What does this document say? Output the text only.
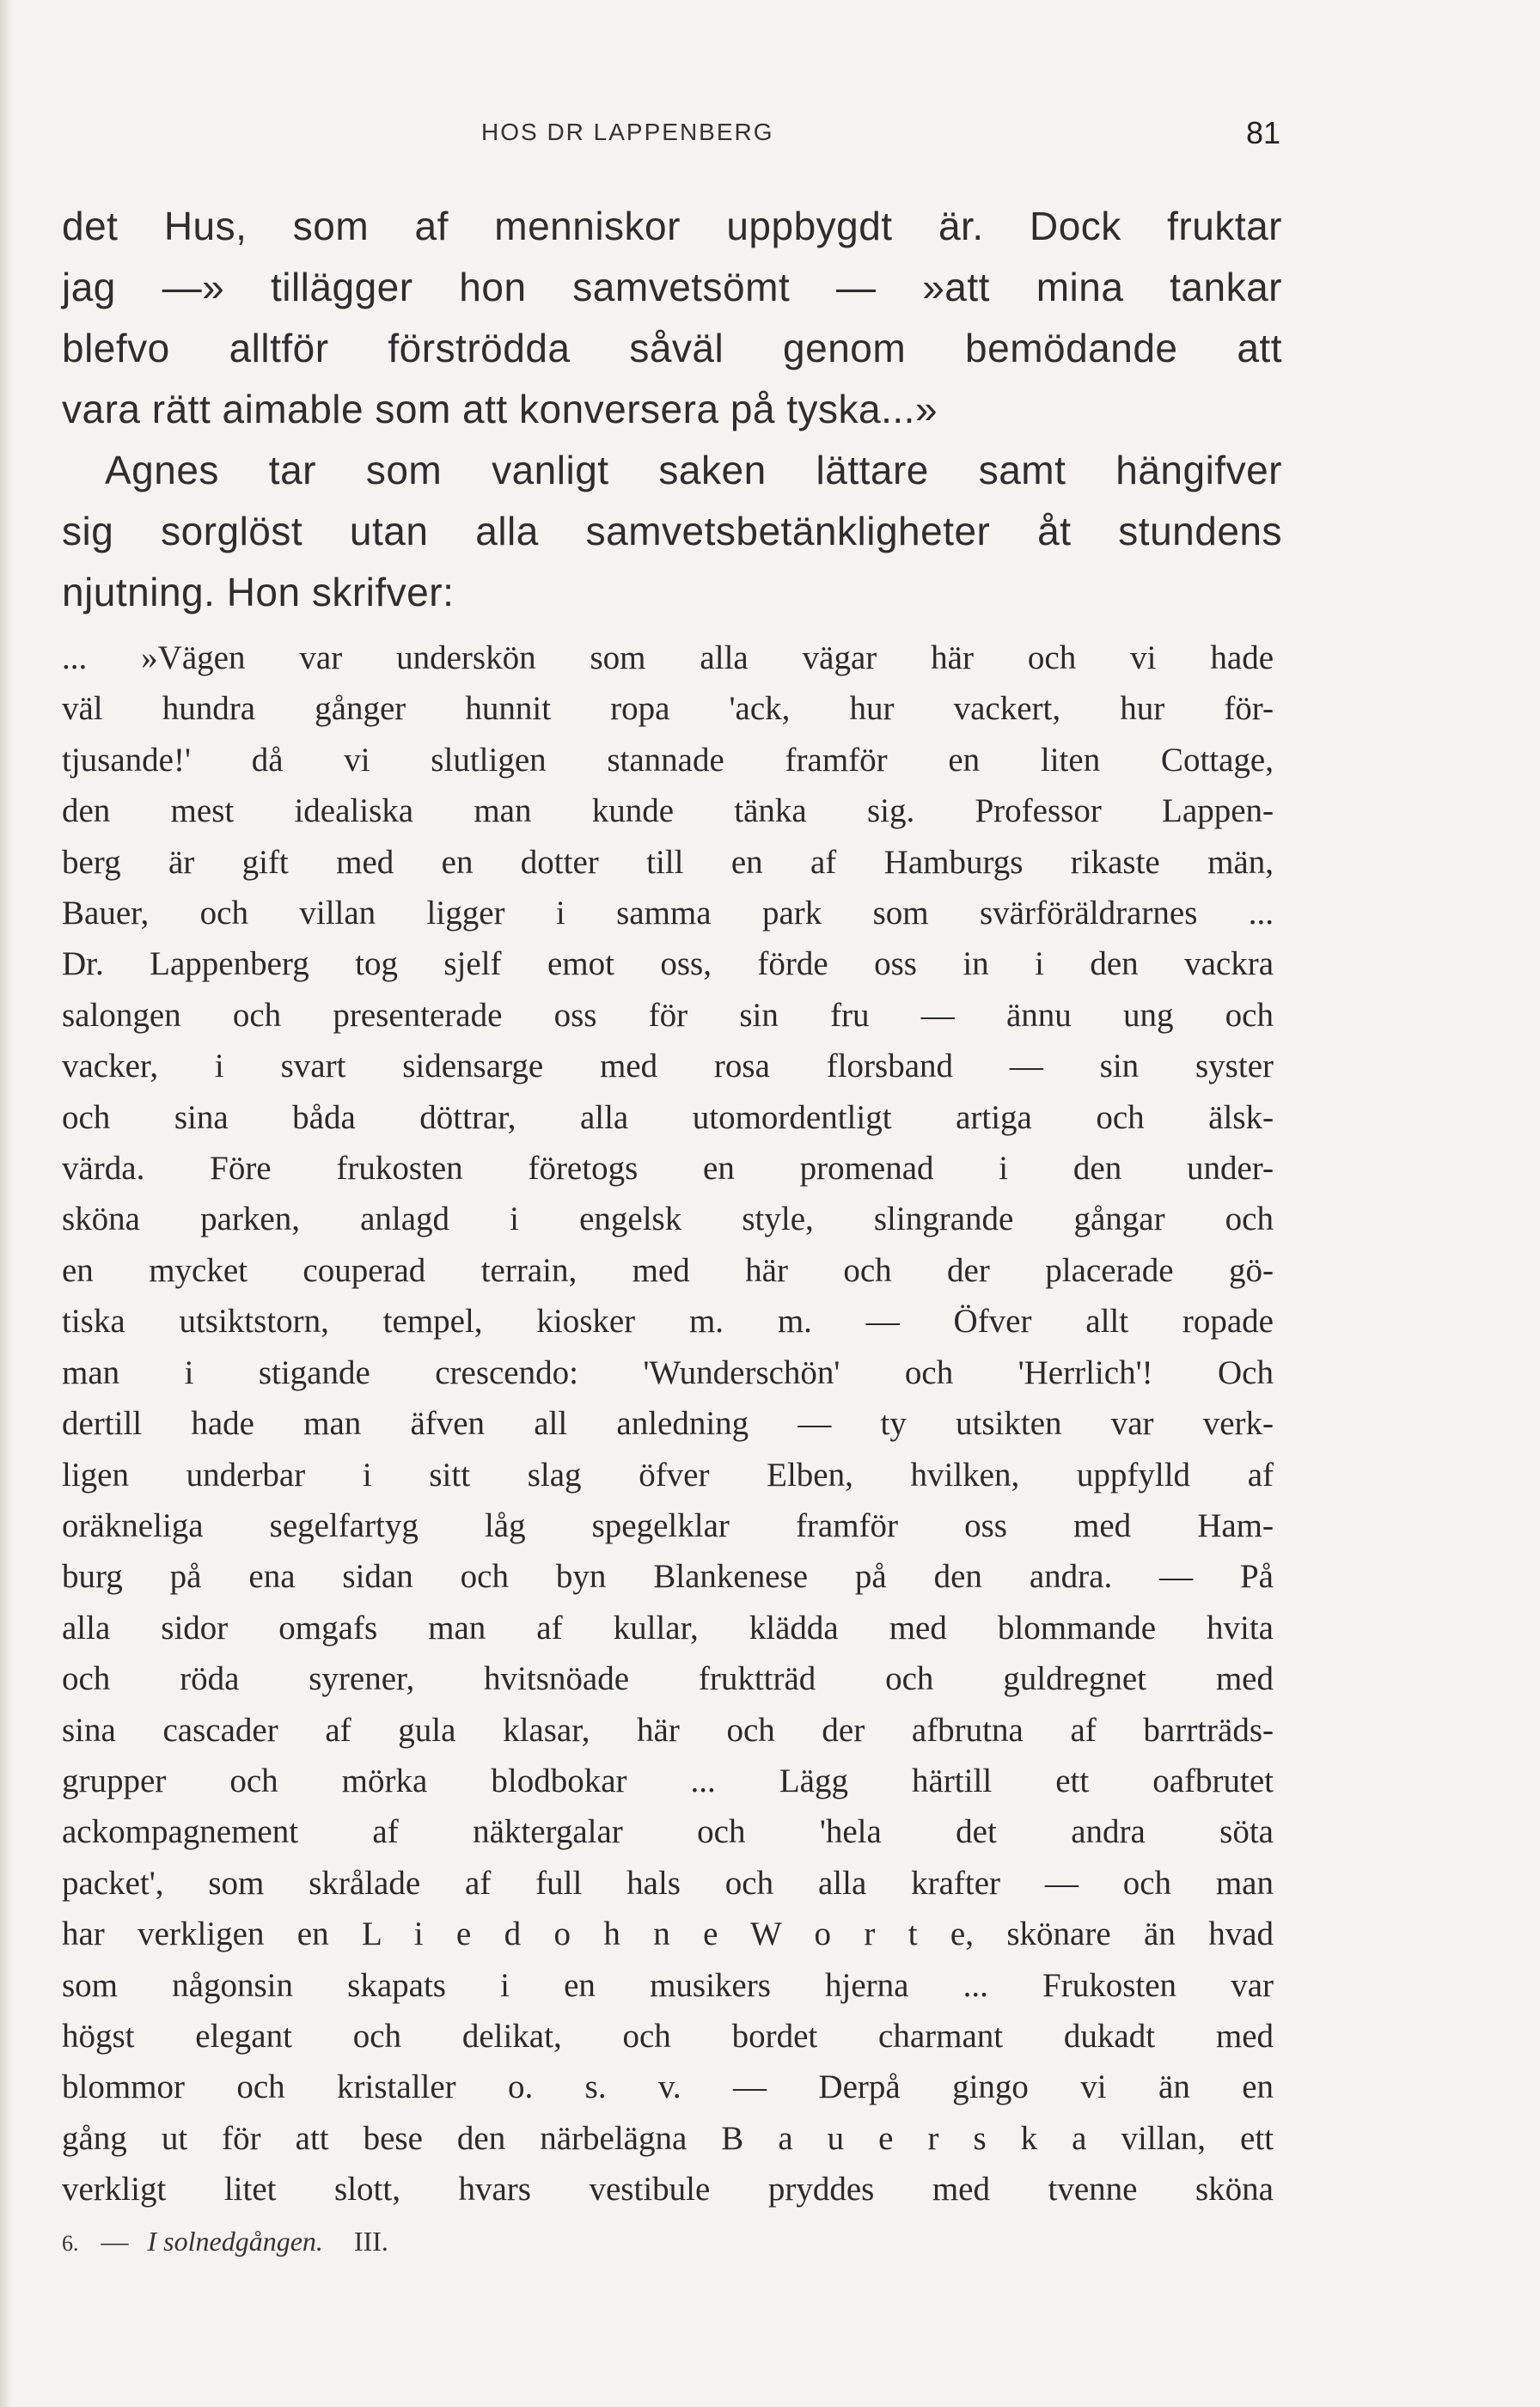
HOS DR LAPPENBERG	81
det Hus, som af menniskor uppbygdt är. Dock fruktar
jag —» tillägger hon samvetsömt — »att mina tankar
blefvo alltför förströdda såväl genom bemödande att
vara rätt aimable som att konversera på tyska...»
Agnes tar som vanligt saken lättare samt hängifver
sig sorglöst utan alla samvetsbetänkligheter åt stundens
njutning. Hon skrifver:
... »Vägen var underskön som alla vägar här och vi hade
väl hundra gånger hunnit ropa 'ack, hur vackert, hur för-
tjusande!' då vi slutligen stannade framför en liten Cottage,
den mest idealiska man kunde tänka sig. Professor Lappen-
berg är gift med en dotter till en af Hamburgs rikaste män,
Bauer, och villan ligger i samma park som svärföräldrarnes ...
Dr. Lappenberg tog sjelf emot oss, förde oss in i den vackra
salongen och presenterade oss för sin fru — ännu ung och
vacker, i svart sidensarge med rosa florsband — sin syster
och sina båda döttrar, alla utomordentligt artiga och älsk-
värda. Före frukosten företogs en promenad i den under-
sköna parken, anlagd i engelsk style, slingrande gångar och
en mycket couperad terrain, med här och der placerade gö-
tiska utsiktstorn, tempel, kiosker m. m. — Öfver allt ropade
man i stigande crescendo: 'Wunderschön' och 'Herrlich'! Och
dertill hade man äfven all anledning — ty utsikten var verk-
ligen underbar i sitt slag öfver Elben, hvilken, uppfylld af
oräkneliga segelfartyg låg spegelklar framför oss med Ham-
burg på ena sidan och byn Blankenese på den andra. — På
alla sidor omgafs man af kullar, klädda med blommande hvita
och röda syrener, hvitsnöade fruktträd och guldregnet med
sina cascader af gula klasar, här och der afbrutna af barrträds-
grupper och mörka blodbokar ... Lägg härtill ett oafbrutet
ackompagnement af näktergalar och 'hela det andra söta
packet', som skrålade af full hals och alla krafter — och man
har verkligen en L i e d o h n e W o r t e, skönare än hvad
som någonsin skapats i en musikers hjerna ... Frukosten var
högst elegant och delikat, och bordet charmant dukadt med
blommor och kristaller o. s. v. — Derpå gingo vi än en
gång ut för att bese den närbelägna B a u e r s k a villan, ett
verkligt litet slott, hvars vestibule pryddes med tvenne sköna
6. — I solnedgången. III.
